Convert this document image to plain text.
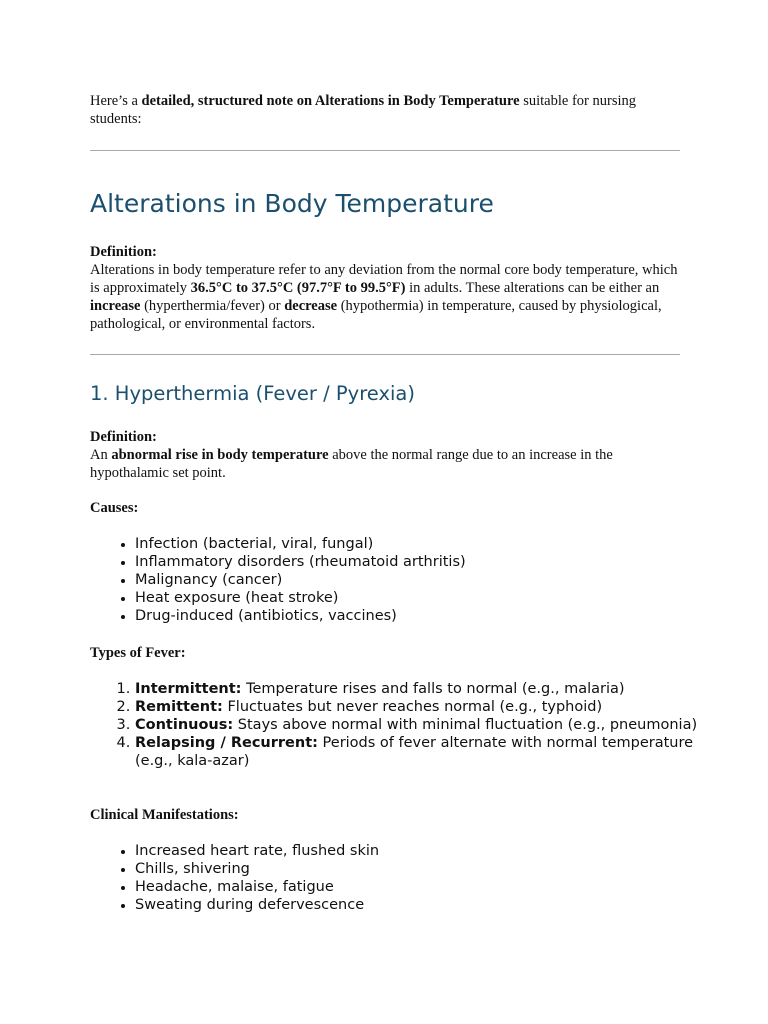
Here’s a detailed, structured note on Alterations in Body Temperature suitable for nursing students:

Alterations in Body Temperature

Definition:

Alterations in body temperature refer to any deviation from the normal core body temperature, which is approximately 36.5°C to 37.5°C (97.7°F to 99.5°F) in adults. These alterations can be either an increase (hyperthermia/fever) or decrease (hypothermia) in temperature, caused by physiological, pathological, or environmental factors.

1. Hyperthermia (Fever / Pyrexia)

Definition:

An abnormal rise in body temperature above the normal range due to an increase in the hypothalamic set point.

Causes:

• Infection (bacterial, viral, fungal)
• Inflammatory disorders (rheumatoid arthritis)
• Malignancy (cancer)
• Heat exposure (heat stroke)
• Drug-induced (antibiotics, vaccines)

Types of Fever:

1. Intermittent: Temperature rises and falls to normal (e.g., malaria)
2. Remittent: Fluctuates but never reaches normal (e.g., typhoid)
3. Continuous: Stays above normal with minimal fluctuation (e.g., pneumonia)
4. Relapsing / Recurrent: Periods of fever alternate with normal temperature (e.g., kala-azar)

Clinical Manifestations:

• Increased heart rate, flushed skin
• Chills, shivering
• Headache, malaise, fatigue
• Sweating during defervescence
